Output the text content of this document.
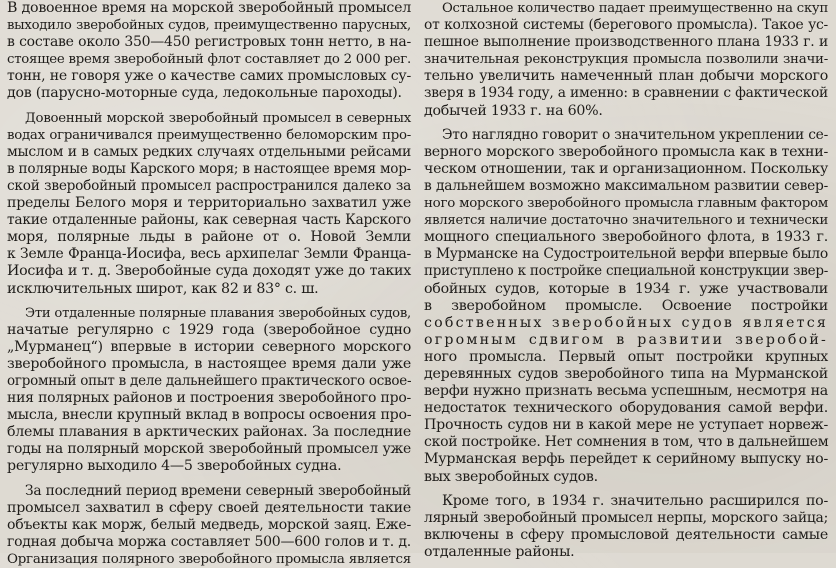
В довоенное время на морской зверобойный промысел
выходило зверобойных судов, преимущественно парусных,
в составе около 350—450 регистровых тонн нетто, в на-
стоящее время зверобойный флот составляет до 2 000 рег.
тонн, не говоря уже о качестве самих промысловых су-
дов (парусно-моторные суда, ледокольные пароходы).
Довоенный морской зверобойный промысел в северных
водах ограничивался преимущественно беломорским про-
мыслом и в самых редких случаях отдельными рейсами
в полярные воды Карского моря; в настоящее время мор-
ской зверобойный промысел распространился далеко за
пределы Белого моря и территориально захватил уже
такие отдаленные районы, как северная часть Карского
моря, полярные льды в районе от о. Новой Земли
к Земле Франца-Иосифа, весь архипелаг Земли Франца-
Иосифа и т. д. Зверобойные суда доходят уже до таких
исключительных широт, как 82 и 83° с. ш.
Эти отдаленные полярные плавания зверобойных судов,
начатые регулярно с 1929 года (зверобойное судно
„Мурманец“) впервые в истории северного морского
зверобойного промысла, в настоящее время дали уже
огромный опыт в деле дальнейшего практического освое-
ния полярных районов и построения зверобойного про-
мысла, внесли крупный вклад в вопросы освоения про-
блемы плавания в арктических районах. За последние
годы на полярный морской зверобойный промысел уже
регулярно выходило 4—5 зверобойных судна.
За последний период времени северный зверобойный
промысел захватил в сферу своей деятельности такие
объекты как морж, белый медведь, морской заяц. Еже-
годная добыча моржа составляет 500—600 голов и т. д.
Организация полярного зверобойного промысла является
Остальное количество падает преимущественно на скуп
от колхозной системы (берегового промысла). Такое ус-
пешное выполнение производственного плана 1933 г. и
значительная реконструкция промысла позволили значи-
тельно увеличить намеченный план добычи морского
зверя в 1934 году, а именно: в сравнении с фактической
добычей 1933 г. на 60%.
Это наглядно говорит о значительном укреплении се-
верного морского зверобойного промысла как в техни-
ческом отношении, так и организационном. Поскольку
в дальнейшем возможно максимальном развитии север-
ного морского зверобойного промысла главным фактором
является наличие достаточно значительного и технически
мощного специального зверобойного флота, в 1933 г.
в Мурманске на Судостроительной верфи впервые было
приступлено к постройке специальной конструкции звер-
обойных судов, которые в 1934 г. уже участвовали
в зверобойном промысле. Освоение постройки
собственных зверобойных судов является
огромным сдвигом в развитии зверобой-
ного промысла. Первый опыт постройки крупных
деревянных судов зверобойного типа на Мурманской
верфи нужно признать весьма успешным, несмотря на
недостаток технического оборудования самой верфи.
Прочность судов ни в какой мере не уступает норвеж-
ской постройке. Нет сомнения в том, что в дальнейшем
Мурманская верфь перейдет к серийному выпуску но-
вых зверобойных судов.
Кроме того, в 1934 г. значительно расширился по-
лярный зверобойный промысел нерпы, морского зайца;
включены в сферу промысловой деятельности самые
отдаленные районы.
